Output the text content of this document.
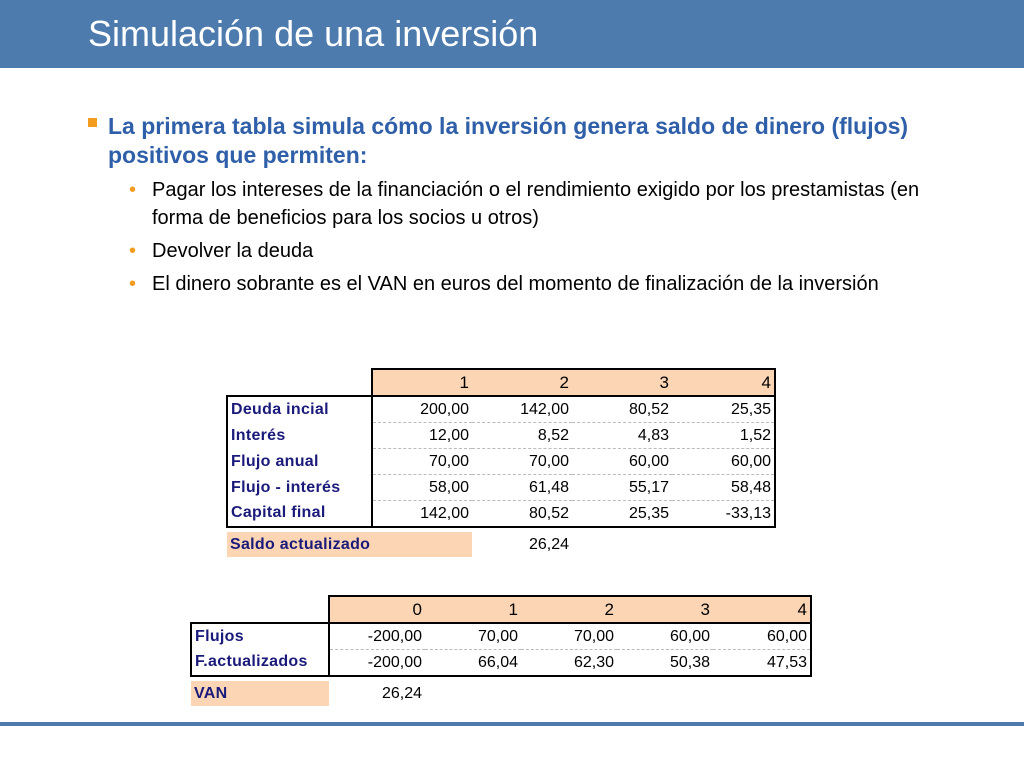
Simulación de una inversión
La primera tabla simula cómo la inversión genera saldo de dinero (flujos) positivos que permiten:
• Pagar los intereses de la financiación o el rendimiento exigido por los prestamistas (en forma de beneficios para los socios u otros)
• Devolver la deuda
• El dinero sobrante es el VAN en euros del momento de finalización de la inversión
	1	2	3	4
Deuda incial	200,00	142,00	80,52	25,35
Interés	12,00	8,52	4,83	1,52
Flujo anual	70,00	70,00	60,00	60,00
Flujo - interés	58,00	61,48	55,17	58,48
Capital final	142,00	80,52	25,35	-33,13

Saldo actualizado		26,24		
	0	1	2	3	4
Flujos	-200,00	70,00	70,00	60,00	60,00
F.actualizados	-200,00	66,04	62,30	50,38	47,53

VAN	26,24				
